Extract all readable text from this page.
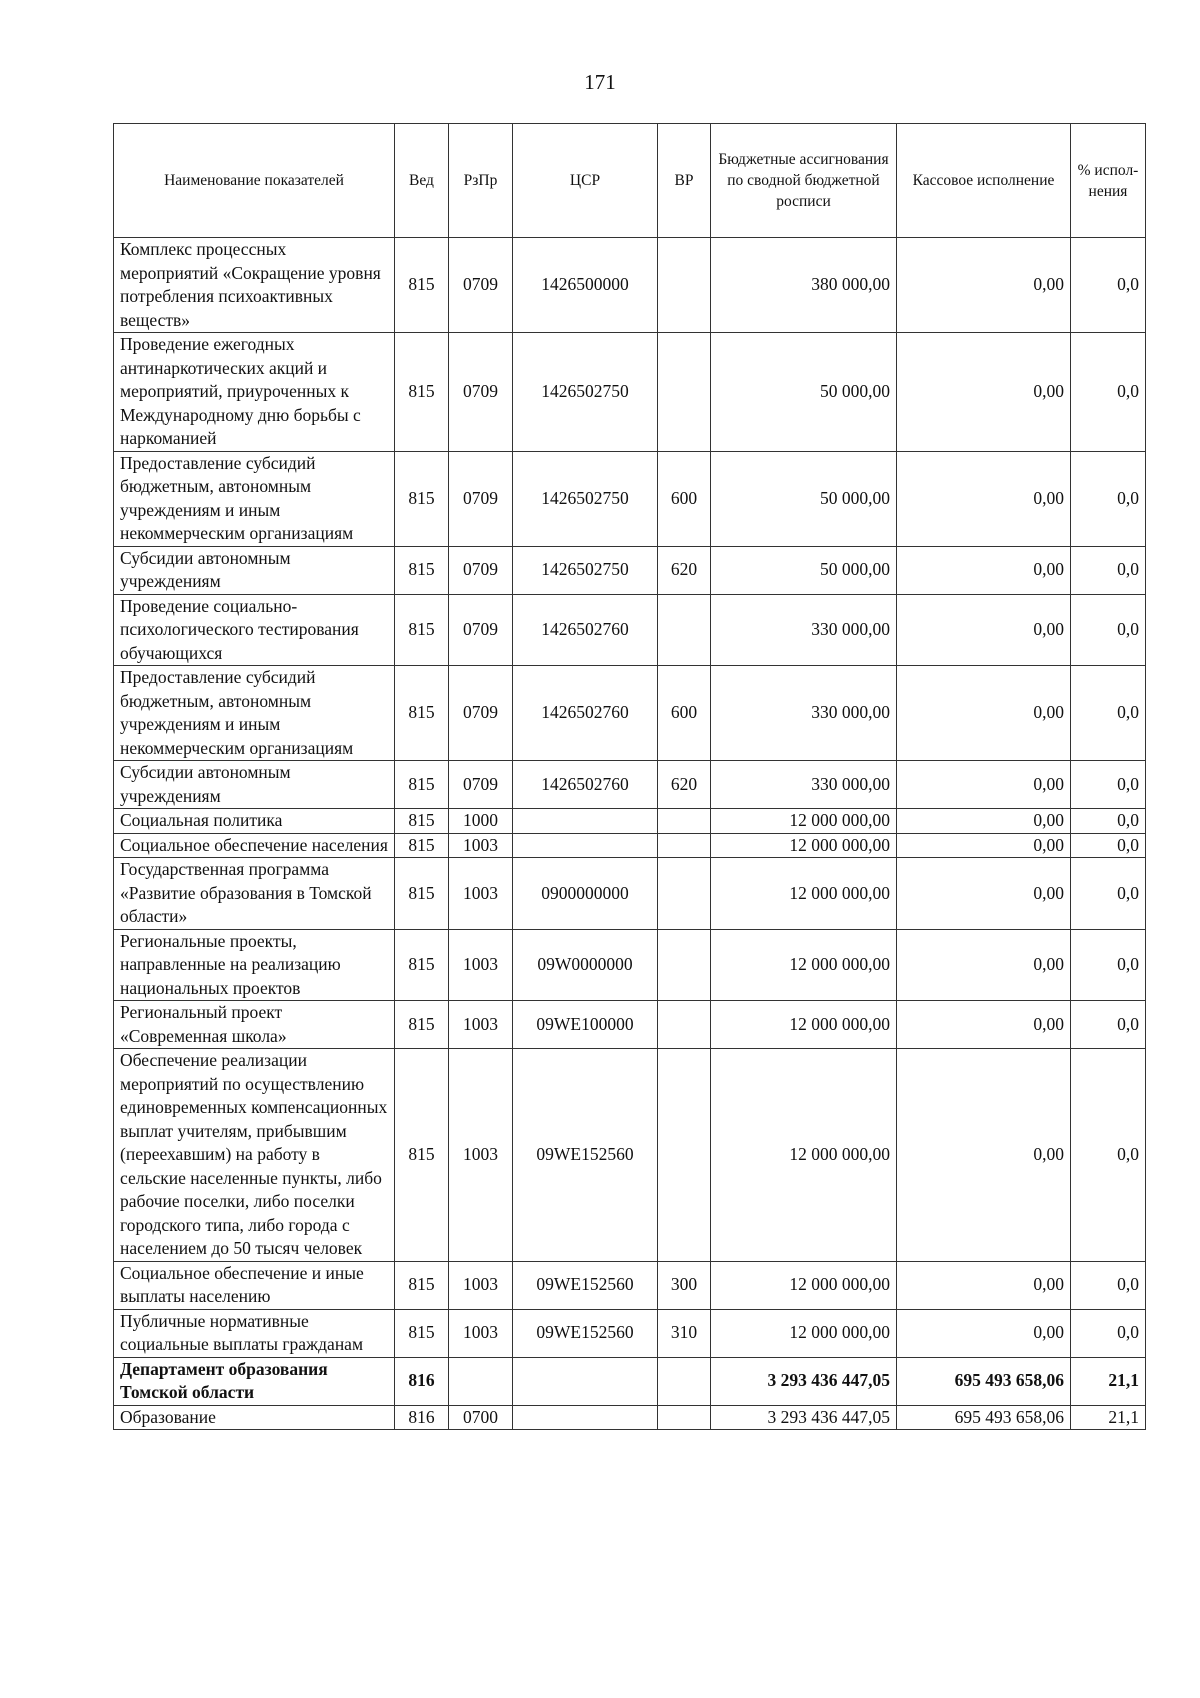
171
Наименование показателей	Вед	РзПр	ЦСР	ВР	Бюджетные ассигнования по сводной бюджетной росписи	Кассовое исполнение	% испол-нения
Комплекс процессных мероприятий «Сокращение уровня потребления психоактивных веществ»	815	0709	1426500000		380 000,00	0,00	0,0
Проведение ежегодных антинаркотических акций и мероприятий, приуроченных к Международному дню борьбы с наркоманией	815	0709	1426502750		50 000,00	0,00	0,0
Предоставление субсидий бюджетным, автономным учреждениям и иным некоммерческим организациям	815	0709	1426502750	600	50 000,00	0,00	0,0
Субсидии автономным учреждениям	815	0709	1426502750	620	50 000,00	0,00	0,0
Проведение социально-психологического тестирования обучающихся	815	0709	1426502760		330 000,00	0,00	0,0
Предоставление субсидий бюджетным, автономным учреждениям и иным некоммерческим организациям	815	0709	1426502760	600	330 000,00	0,00	0,0
Субсидии автономным учреждениям	815	0709	1426502760	620	330 000,00	0,00	0,0
Социальная политика	815	1000			12 000 000,00	0,00	0,0
Социальное обеспечение населения	815	1003			12 000 000,00	0,00	0,0
Государственная программа «Развитие образования в Томской области»	815	1003	0900000000		12 000 000,00	0,00	0,0
Региональные проекты, направленные на реализацию национальных проектов	815	1003	09W0000000		12 000 000,00	0,00	0,0
Региональный проект «Современная школа»	815	1003	09WE100000		12 000 000,00	0,00	0,0
Обеспечение реализации мероприятий по осуществлению единовременных компенсационных выплат учителям, прибывшим (переехавшим) на работу в сельские населенные пункты, либо рабочие поселки, либо поселки городского типа, либо города с населением до 50 тысяч человек	815	1003	09WE152560		12 000 000,00	0,00	0,0
Социальное обеспечение и иные выплаты населению	815	1003	09WE152560	300	12 000 000,00	0,00	0,0
Публичные нормативные социальные выплаты гражданам	815	1003	09WE152560	310	12 000 000,00	0,00	0,0
Департамент образования Томской области	816				3 293 436 447,05	695 493 658,06	21,1
Образование	816	0700			3 293 436 447,05	695 493 658,06	21,1
